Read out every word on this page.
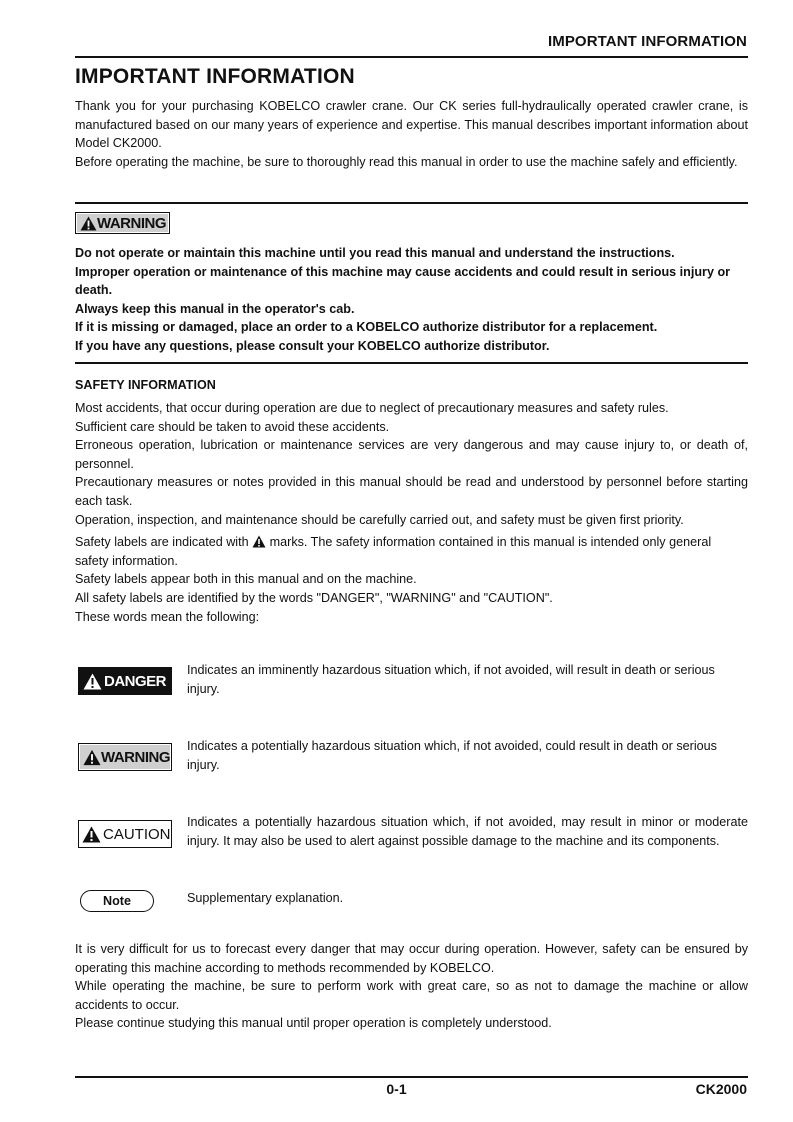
IMPORTANT INFORMATION
IMPORTANT INFORMATION

Thank you for your purchasing KOBELCO crawler crane. Our CK series full-hydraulically operated crawler crane, is manufactured based on our many years of experience and expertise. This manual describes important information about Model CK2000.

Before operating the machine, be sure to thoroughly read this manual in order to use the machine safely and efficiently.

WARNING

Do not operate or maintain this machine until you read this manual and understand the instructions.

Improper operation or maintenance of this machine may cause accidents and could result in serious injury or death.

Always keep this manual in the operator's cab.

If it is missing or damaged, place an order to a KOBELCO authorize distributor for a replacement.

If you have any questions, please consult your KOBELCO authorize distributor.

SAFETY INFORMATION

Most accidents, that occur during operation are due to neglect of precautionary measures and safety rules.

Sufficient care should be taken to avoid these accidents.

Erroneous operation, lubrication or maintenance services are very dangerous and may cause injury to, or death of, personnel.

Precautionary measures or notes provided in this manual should be read and understood by personnel before starting each task.

Operation, inspection, and maintenance should be carefully carried out, and safety must be given first priority.

Safety labels are indicated with  marks. The safety information contained in this manual is intended only general safety information.

Safety labels appear both in this manual and on the machine.

All safety labels are identified by the words "DANGER", "WARNING" and "CAUTION".

These words mean the following:

DANGER
Indicates an imminently hazardous situation which, if not avoided, will result in death or serious injury.
WARNING
Indicates a potentially hazardous situation which, if not avoided, could result in death or serious injury.
CAUTION
Indicates a potentially hazardous situation which, if not avoided, may result in minor or moderate injury. It may also be used to alert against possible damage to the machine and its components.
Note	Supplementary explanation.

It is very difficult for us to forecast every danger that may occur during operation. However, safety can be ensured by operating this machine according to methods recommended by KOBELCO.

While operating the machine, be sure to perform work with great care, so as not to damage the machine or allow accidents to occur.

Please continue studying this manual until proper operation is completely understood.

0-1	CK2000
